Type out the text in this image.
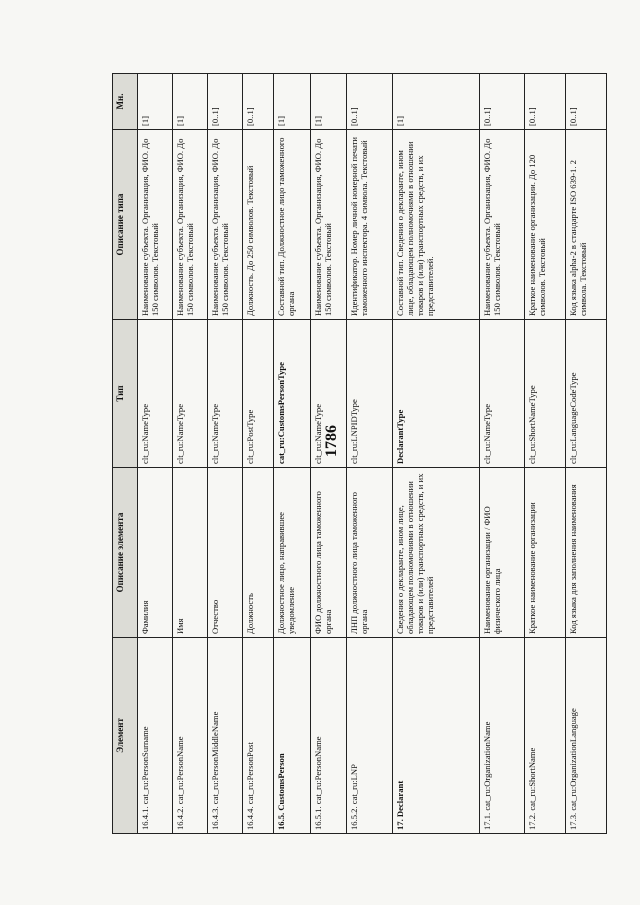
1786
Элемент	Описание элемента	Тип	Описание типа	Мн.
16.4.1. cat_ru:PersonSurname	Фамилия	clt_ru:NameType	Наименование субъекта. Организация, ФИО. До 150 символов. Текстовый	[1]
16.4.2. cat_ru:PersonName	Имя	clt_ru:NameType	Наименование субъекта. Организация, ФИО. До 150 символов. Текстовый	[1]
16.4.3. cat_ru:PersonMiddleName	Отчество	clt_ru:NameType	Наименование субъекта. Организация, ФИО. До 150 символов. Текстовый	[0..1]
16.4.4. cat_ru:PersonPost	Должность	clt_ru:PostType	Должность. До 250 символов. Текстовый	[0..1]
16.5. CustomsPerson	Должностное лицо, направившее уведомление	cat_ru:CustomsPersonType	Составной тип. Должностное лицо таможенного органа	[1]
16.5.1. cat_ru:PersonName	ФИО должностного лица таможенного органа	clt_ru:NameType	Наименование субъекта. Организация, ФИО. До 150 символов. Текстовый	[1]
16.5.2. cat_ru:LNP	ЛНП должностного лица таможенного органа	clt_ru:LNPIDType	Идентификатор. Номер личной номерной печати таможенного инспектора. 4 символа. Текстовый	[0..1]
17. Declarant	Сведения о декларанте, ином лице, обладающем полномочиями в отношении товаров и (или) транспортных средств, и их представителей	DeclarantType	Составной тип. Сведения о декларанте, ином лице, обладающем полномочиями в отношении товаров и (или) транспортных средств, и их представителей.	[1]
17.1. cat_ru:OrganizationName	Наименование организации / ФИО физического лица	clt_ru:NameType	Наименование субъекта. Организация, ФИО. До 150 символов. Текстовый	[0..1]
17.2. cat_ru:ShortName	Краткое наименование организации	clt_ru:ShortNameType	Краткое наименование организации. До 120 символов. Текстовый	[0..1]
17.3. cat_ru:OrganizationLanguage	Код языка для заполнения наименования	clt_ru:LanguageCodeType	Код языка alpha-2 в стандарте ISO 639-1. 2 символа. Текстовый	[0..1]
